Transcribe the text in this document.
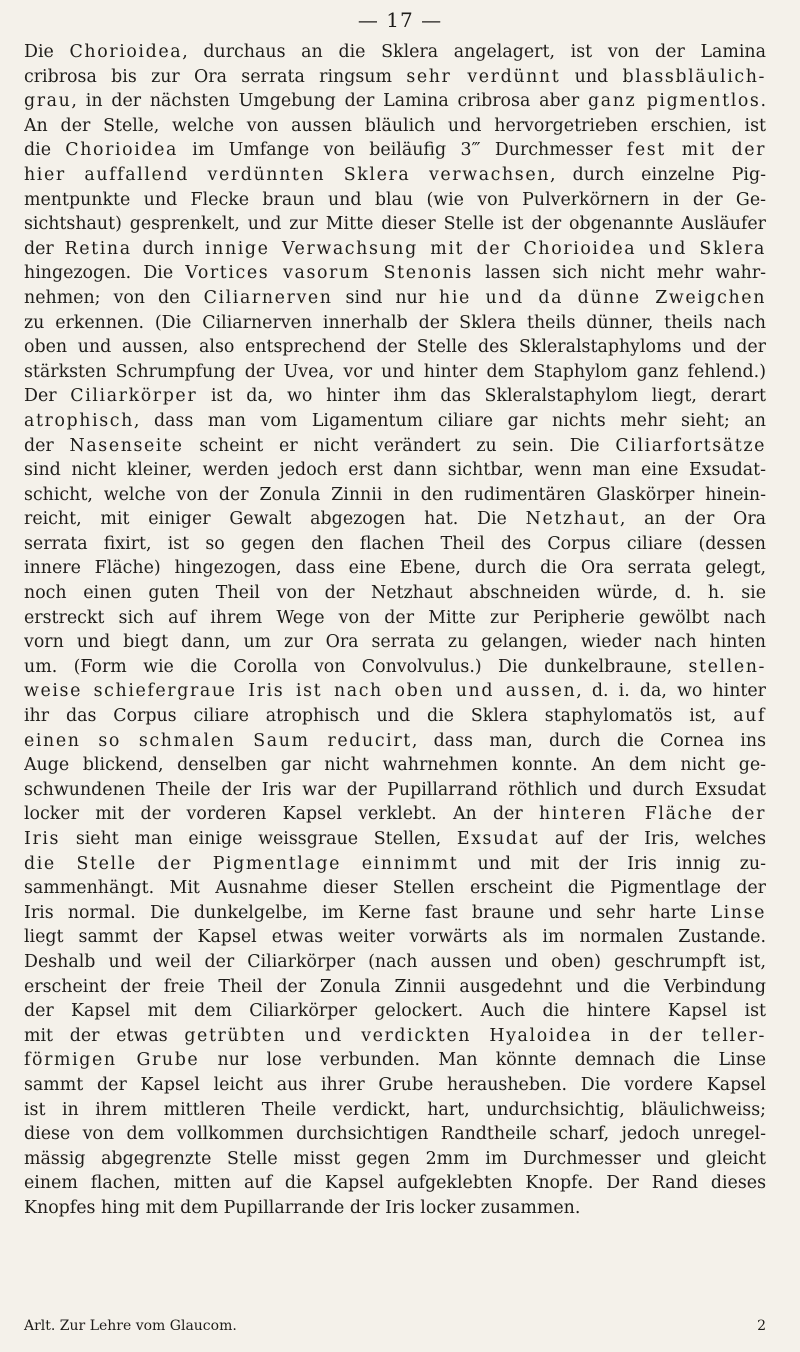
— 17 —
Die Chorioidea, durchaus an die Sklera angelagert, ist von der Lamina
cribrosa bis zur Ora serrata ringsum sehr verdünnt und blassbläulich-
grau, in der nächsten Umgebung der Lamina cribrosa aber ganz pigmentlos.
An der Stelle, welche von aussen bläulich und hervorgetrieben erschien, ist
die Chorioidea im Umfange von beiläufig 3‴ Durchmesser fest mit der
hier auffallend verdünnten Sklera verwachsen, durch einzelne Pig-
mentpunkte und Flecke braun und blau (wie von Pulverkörnern in der Ge-
sichtshaut) gesprenkelt, und zur Mitte dieser Stelle ist der obgenannte Ausläufer
der Retina durch innige Verwachsung mit der Chorioidea und Sklera
hingezogen. Die Vortices vasorum Stenonis lassen sich nicht mehr wahr-
nehmen; von den Ciliarnerven sind nur hie und da dünne Zweigchen
zu erkennen. (Die Ciliarnerven innerhalb der Sklera theils dünner, theils nach
oben und aussen, also entsprechend der Stelle des Skleralstaphyloms und der
stärksten Schrumpfung der Uvea, vor und hinter dem Staphylom ganz fehlend.)
Der Ciliarkörper ist da, wo hinter ihm das Skleralstaphylom liegt, derart
atrophisch, dass man vom Ligamentum ciliare gar nichts mehr sieht; an
der Nasenseite scheint er nicht verändert zu sein. Die Ciliarfortsätze
sind nicht kleiner, werden jedoch erst dann sichtbar, wenn man eine Exsudat-
schicht, welche von der Zonula Zinnii in den rudimentären Glaskörper hinein-
reicht, mit einiger Gewalt abgezogen hat. Die Netzhaut, an der Ora
serrata fixirt, ist so gegen den flachen Theil des Corpus ciliare (dessen
innere Fläche) hingezogen, dass eine Ebene, durch die Ora serrata gelegt,
noch einen guten Theil von der Netzhaut abschneiden würde, d. h. sie
erstreckt sich auf ihrem Wege von der Mitte zur Peripherie gewölbt nach
vorn und biegt dann, um zur Ora serrata zu gelangen, wieder nach hinten
um. (Form wie die Corolla von Convolvulus.) Die dunkelbraune, stellen-
weise schiefergraue Iris ist nach oben und aussen, d. i. da, wo hinter
ihr das Corpus ciliare atrophisch und die Sklera staphylomatös ist, auf
einen so schmalen Saum reducirt, dass man, durch die Cornea ins
Auge blickend, denselben gar nicht wahrnehmen konnte. An dem nicht ge-
schwundenen Theile der Iris war der Pupillarrand röthlich und durch Exsudat
locker mit der vorderen Kapsel verklebt. An der hinteren Fläche der
Iris sieht man einige weissgraue Stellen, Exsudat auf der Iris, welches
die Stelle der Pigmentlage einnimmt und mit der Iris innig zu-
sammenhängt. Mit Ausnahme dieser Stellen erscheint die Pigmentlage der
Iris normal. Die dunkelgelbe, im Kerne fast braune und sehr harte Linse
liegt sammt der Kapsel etwas weiter vorwärts als im normalen Zustande.
Deshalb und weil der Ciliarkörper (nach aussen und oben) geschrumpft ist,
erscheint der freie Theil der Zonula Zinnii ausgedehnt und die Verbindung
der Kapsel mit dem Ciliarkörper gelockert. Auch die hintere Kapsel ist
mit der etwas getrübten und verdickten Hyaloidea in der teller-
förmigen Grube nur lose verbunden. Man könnte demnach die Linse
sammt der Kapsel leicht aus ihrer Grube herausheben. Die vordere Kapsel
ist in ihrem mittleren Theile verdickt, hart, undurchsichtig, bläulichweiss;
diese von dem vollkommen durchsichtigen Randtheile scharf, jedoch unregel-
mässig abgegrenzte Stelle misst gegen 2mm im Durchmesser und gleicht
einem flachen, mitten auf die Kapsel aufgeklebten Knopfe. Der Rand dieses
Knopfes hing mit dem Pupillarrande der Iris locker zusammen.
Arlt. Zur Lehre vom Glaucom.	2
